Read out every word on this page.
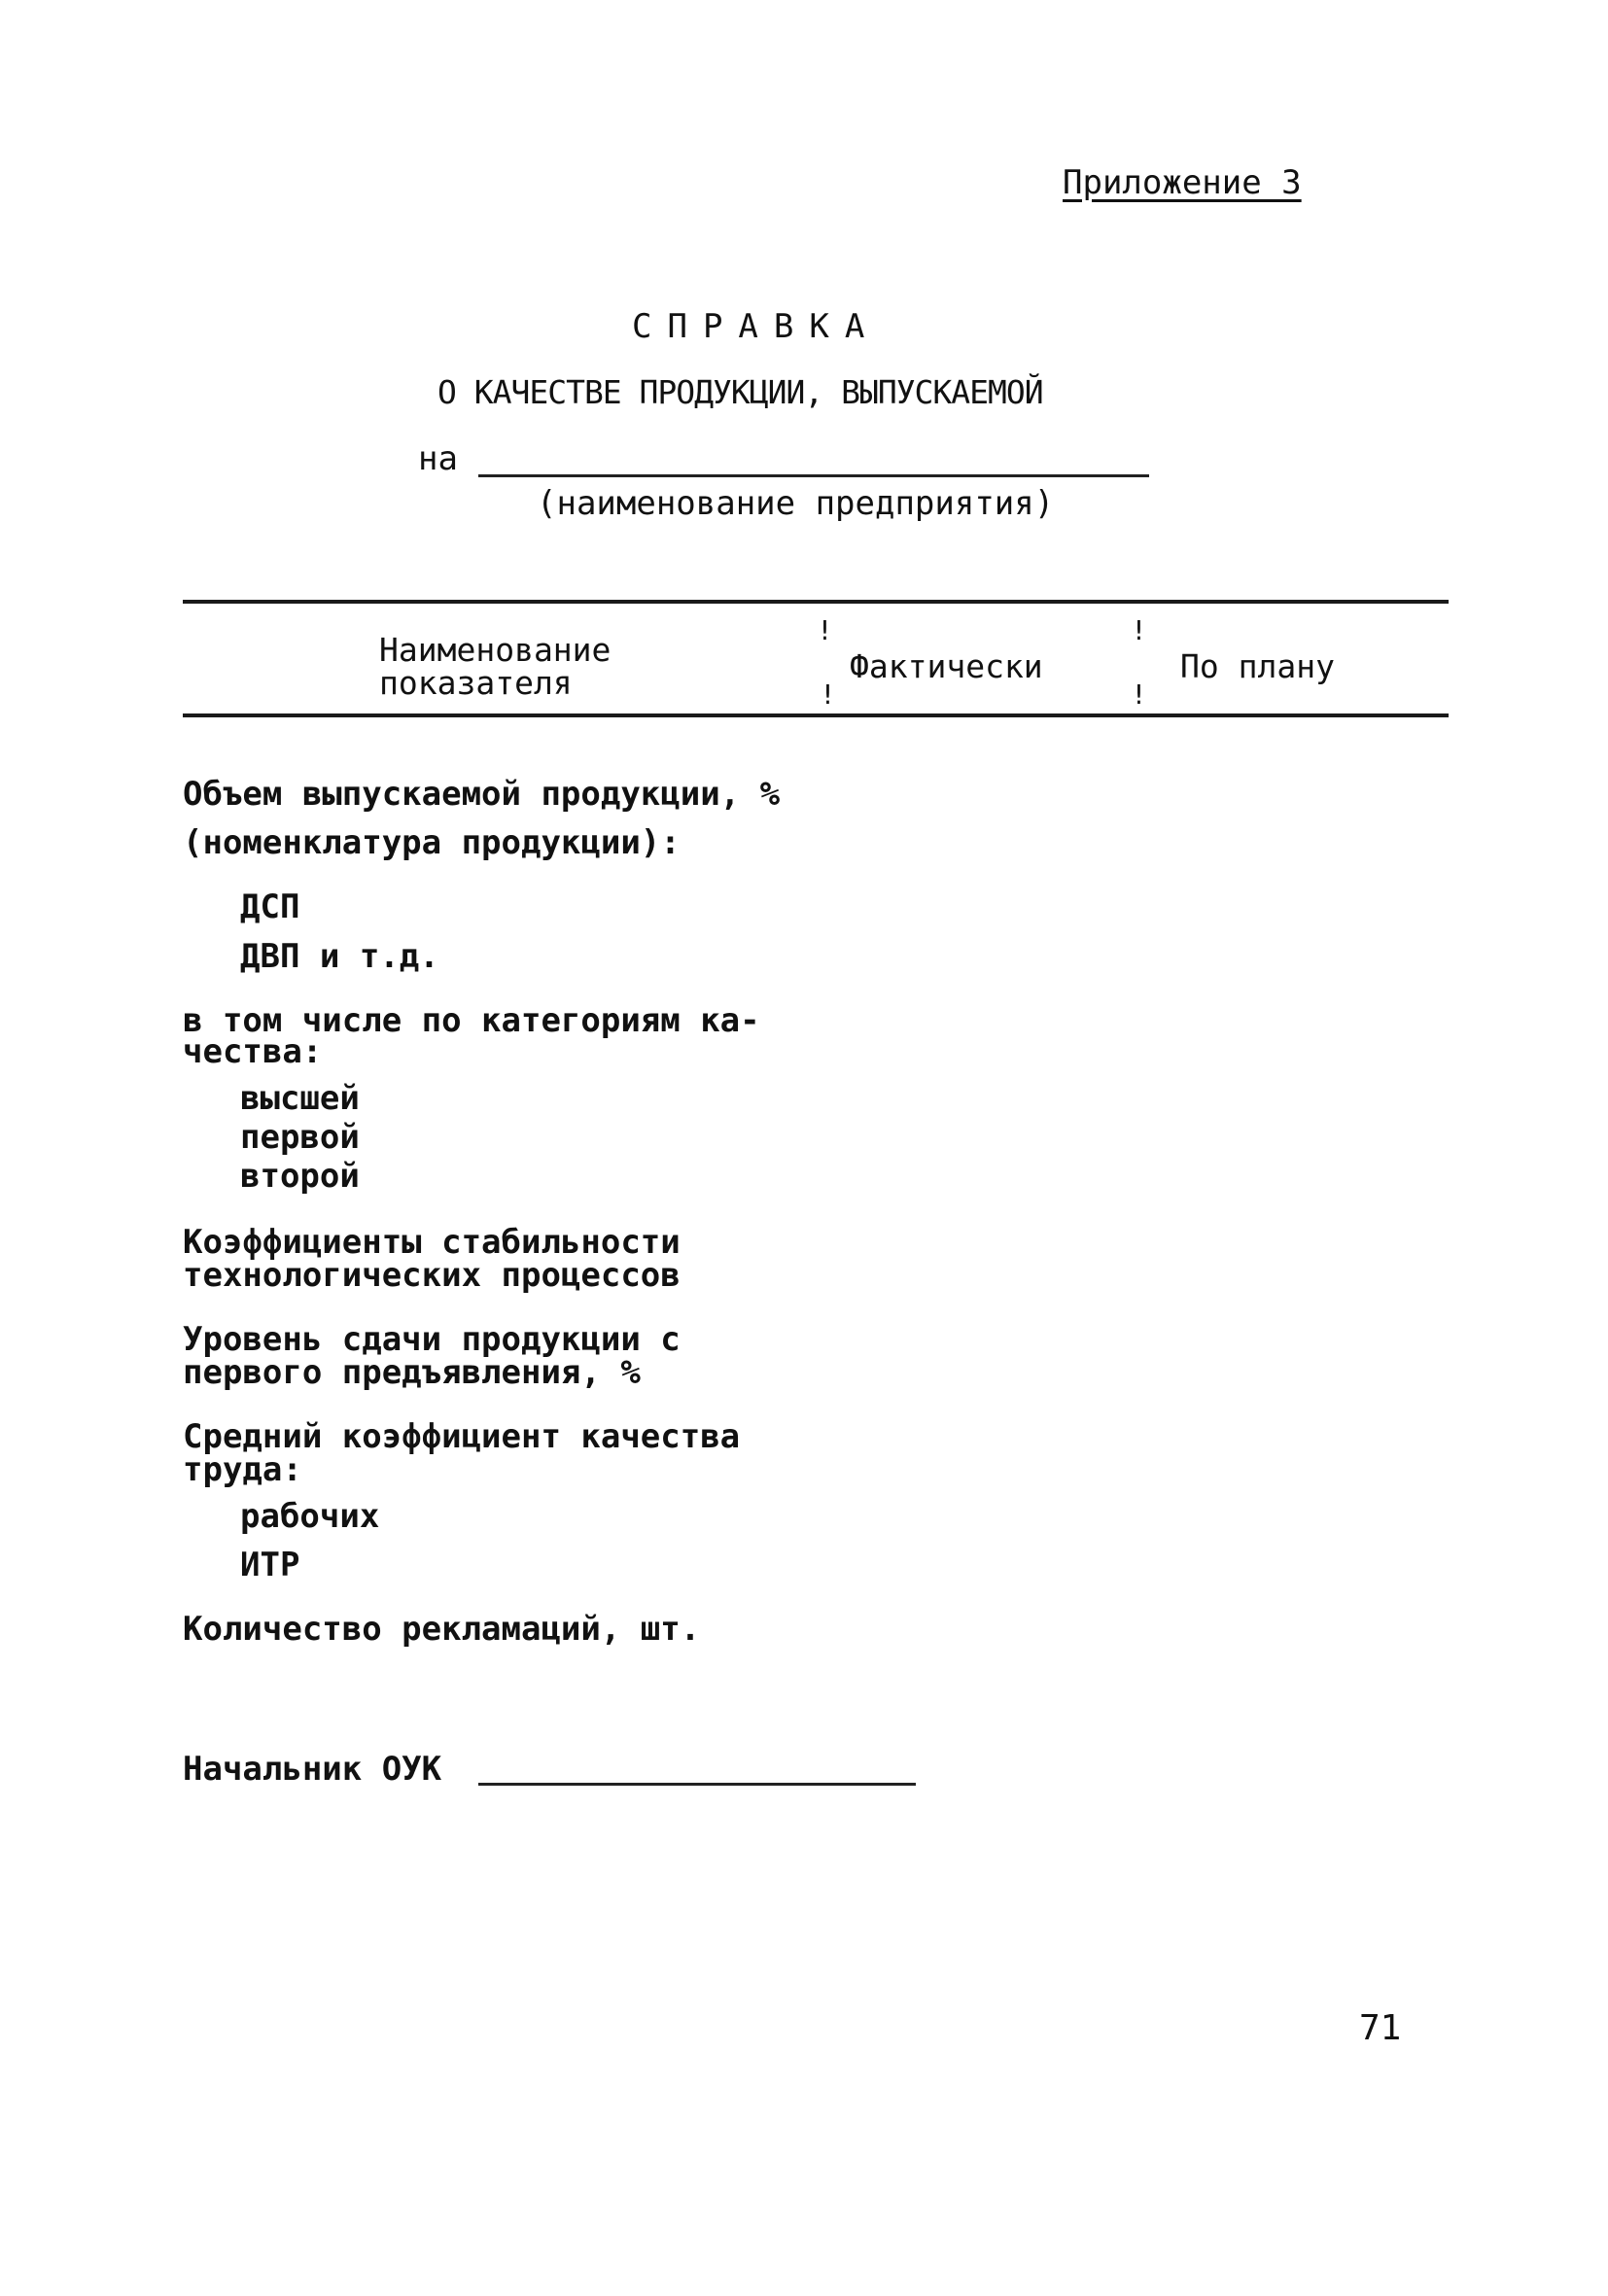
Приложение 3
СПРАВКА
О КАЧЕСТВЕ ПРОДУКЦИИ, ВЫПУСКАЕМОЙ
на
(наименование предприятия)
Наименование
показателя
!
!
Фактически
!
!
По плану
Объем выпускаемой продукции, %
(номенклатура продукции):
ДСП
ДВП и т.д.
в том числе по категориям ка-
чества:
высшей
первой
второй
Коэффициенты стабильности
технологических процессов
Уровень сдачи продукции с
первого предъявления, %
Средний коэффициент качества
труда:
рабочих
ИТР
Количество рекламаций, шт.
Начальник ОУК
71
